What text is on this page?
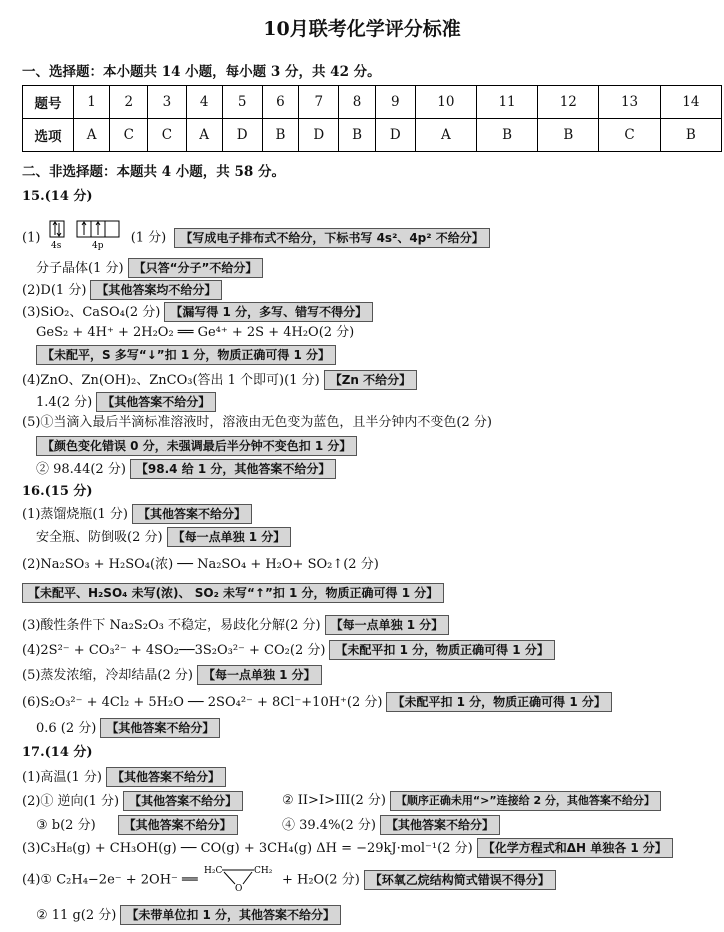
10月联考化学评分标准
一、选择题：本小题共 14 小题，每小题 3 分，共 42 分。
题号	1	2	3	4	5	6	7	8	9	10	11	12	13	14
选项	A	C	C	A	D	B	D	B	D	A	B	B	C	B
二、非选择题：本题共 4 小题，共 58 分。
15.(14 分)
(1)
4s	4p
(1 分) 【写成电子排布式不给分，下标书写 4s²、4p² 不给分】
分子晶体(1 分) 【只答“分子”不给分】
(2)D(1 分) 【其他答案均不给分】
(3)SiO₂、CaSO₄(2 分) 【漏写得 1 分，多写、错写不得分】
GeS₂ + 4H⁺ + 2H₂O₂ ══ Ge⁴⁺ + 2S + 4H₂O(2 分)
【未配平，S 多写“↓”扣 1 分，物质正确可得 1 分】
(4)ZnO、Zn(OH)₂、ZnCO₃(答出 1 个即可)(1 分) 【Zn 不给分】
1.4(2 分) 【其他答案不给分】
(5)①当滴入最后半滴标准溶液时，溶液由无色变为蓝色，且半分钟内不变色(2 分)
【颜色变化错误 0 分，未强调最后半分钟不变色扣 1 分】
② 98.44(2 分) 【98.4 给 1 分，其他答案不给分】
16.(15 分)
(1)蒸馏烧瓶(1 分) 【其他答案不给分】
安全瓶、防倒吸(2 分) 【每一点单独 1 分】
(2)Na₂SO₃ + H₂SO₄(浓) ── Na₂SO₄ + H₂O+ SO₂↑(2 分)
【未配平、H₂SO₄ 未写(浓)、 SO₂ 未写“↑”扣 1 分，物质正确可得 1 分】
(3)酸性条件下 Na₂S₂O₃ 不稳定，易歧化分解(2 分) 【每一点单独 1 分】
(4)2S²⁻ + CO₃²⁻ + 4SO₂──3S₂O₃²⁻ + CO₂(2 分) 【未配平扣 1 分，物质正确可得 1 分】
(5)蒸发浓缩，冷却结晶(2 分) 【每一点单独 1 分】
(6)S₂O₃²⁻ + 4Cl₂ + 5H₂O ── 2SO₄²⁻ + 8Cl⁻+10H⁺(2 分) 【未配平扣 1 分，物质正确可得 1 分】
0.6 (2 分) 【其他答案不给分】
17.(14 分)
(1)高温(1 分) 【其他答案不给分】
(2)① 逆向(1 分) 【其他答案不给分】	② II>I>III(2 分) 【顺序正确未用“>”连接给 2 分，其他答案不给分】
③ b(2 分) 【其他答案不给分】	④ 39.4%(2 分) 【其他答案不给分】
(3)C₃H₈(g) + CH₃OH(g) ── CO(g) + 3CH₄(g) ΔH = −29kJ·mol⁻¹(2 分) 【化学方程式和ΔH 单独各 1 分】
(4)① C₂H₄−2e⁻ + 2OH⁻ ══
H₂C	CH₂
O
+ H₂O(2 分) 【环氧乙烷结构简式错误不得分】
② 11 g(2 分) 【未带单位扣 1 分，其他答案不给分】
